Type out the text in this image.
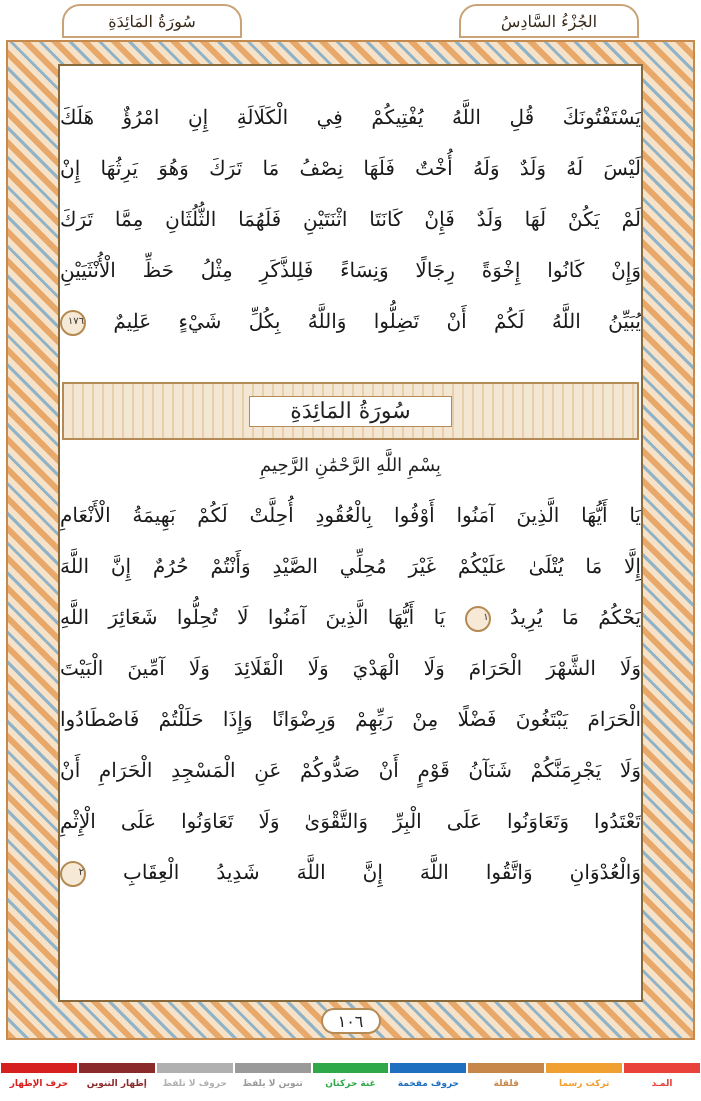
سُورَةُ المَائِدَةِ	الجُزْءُ السَّادِسُ
يَسْتَفْتُونَكَ قُلِ اللَّهُ يُفْتِيكُمْ فِي الْكَلَالَةِ إِنِ امْرُؤٌ هَلَكَ
لَيْسَ لَهُ وَلَدٌ وَلَهُ أُخْتٌ فَلَهَا نِصْفُ مَا تَرَكَ وَهُوَ يَرِثُهَا إِنْ
لَمْ يَكُنْ لَهَا وَلَدٌ فَإِنْ كَانَتَا اثْنَتَيْنِ فَلَهُمَا الثُّلُثَانِ مِمَّا تَرَكَ
وَإِنْ كَانُوا إِخْوَةً رِجَالًا وَنِسَاءً فَلِلذَّكَرِ مِثْلُ حَظِّ الْأُنْثَيَيْنِ
يُبَيِّنُ اللَّهُ لَكُمْ أَنْ تَضِلُّوا وَاللَّهُ بِكُلِّ شَيْءٍ عَلِيمٌ ١٧٦
سُورَةُ المَائِدَةِ
بِسْمِ اللَّهِ الرَّحْمَٰنِ الرَّحِيمِ
يَا أَيُّهَا الَّذِينَ آمَنُوا أَوْفُوا بِالْعُقُودِ أُحِلَّتْ لَكُمْ بَهِيمَةُ الْأَنْعَامِ
إِلَّا مَا يُتْلَىٰ عَلَيْكُمْ غَيْرَ مُحِلِّي الصَّيْدِ وَأَنْتُمْ حُرُمٌ إِنَّ اللَّهَ
يَحْكُمُ مَا يُرِيدُ ١ يَا أَيُّهَا الَّذِينَ آمَنُوا لَا تُحِلُّوا شَعَائِرَ اللَّهِ
وَلَا الشَّهْرَ الْحَرَامَ وَلَا الْهَدْيَ وَلَا الْقَلَائِدَ وَلَا آمِّينَ الْبَيْتَ
الْحَرَامَ يَبْتَغُونَ فَضْلًا مِنْ رَبِّهِمْ وَرِضْوَانًا وَإِذَا حَلَلْتُمْ فَاصْطَادُوا
وَلَا يَجْرِمَنَّكُمْ شَنَآنُ قَوْمٍ أَنْ صَدُّوكُمْ عَنِ الْمَسْجِدِ الْحَرَامِ أَنْ
تَعْتَدُوا وَتَعَاوَنُوا عَلَى الْبِرِّ وَالتَّقْوَىٰ وَلَا تَعَاوَنُوا عَلَى الْإِثْمِ
وَالْعُدْوَانِ وَاتَّقُوا اللَّهَ إِنَّ اللَّهَ شَدِيدُ الْعِقَابِ ٢
١٠٦
المـد
تركت رسما
قلقلة
حروف مفخمة
غنة حركتان
تنوين لا يلفظ
حروف لا تلفظ
إظهار التنوين
حرف الإظهار
